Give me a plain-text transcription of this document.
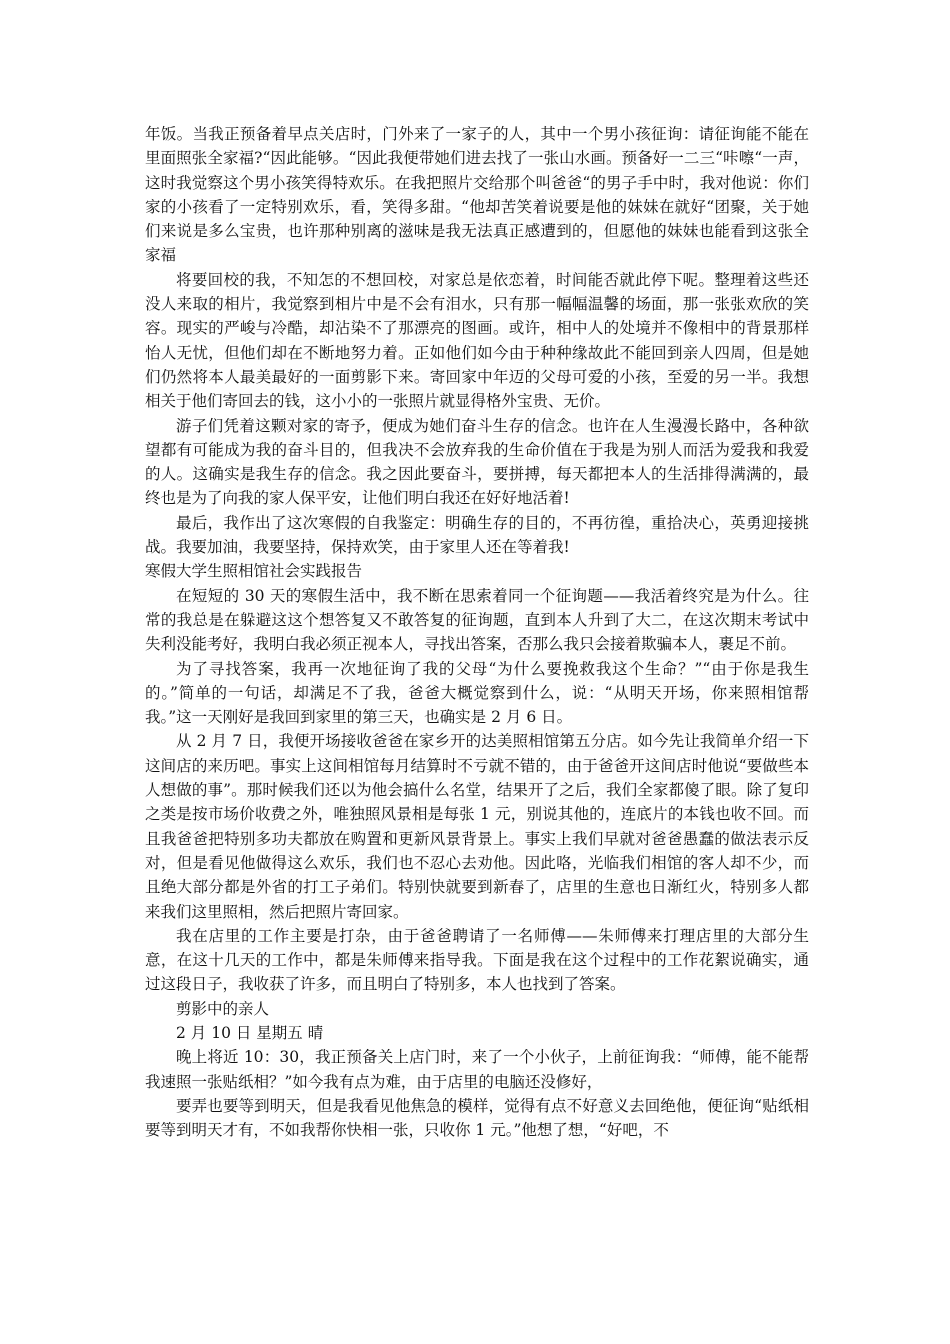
年饭。当我正预备着早点关店时，门外来了一家子的人，其中一个男小孩征询：请征询能不能在里面照张全家福?“因此能够。“因此我便带她们进去找了一张山水画。预备好一二三“咔嚓“一声，这时我觉察这个男小孩笑得特欢乐。在我把照片交给那个叫爸爸“的男子手中时，我对他说：你们家的小孩看了一定特别欢乐，看，笑得多甜。“他却苦笑着说要是他的妹妹在就好“团聚，关于她们来说是多么宝贵，也许那种别离的滋味是我无法真正感遭到的，但愿他的妹妹也能看到这张全家福

将要回校的我，不知怎的不想回校，对家总是依恋着，时间能否就此停下呢。整理着这些还没人来取的相片，我觉察到相片中是不会有泪水，只有那一幅幅温馨的场面，那一张张欢欣的笑容。现实的严峻与冷酷，却沾染不了那漂亮的图画。或许，相中人的处境并不像相中的背景那样怡人无忧，但他们却在不断地努力着。正如他们如今由于种种缘故此不能回到亲人四周，但是她们仍然将本人最美最好的一面剪影下来。寄回家中年迈的父母可爱的小孩，至爱的另一半。我想相关于他们寄回去的钱，这小小的一张照片就显得格外宝贵、无价。

游子们凭着这颗对家的寄予，便成为她们奋斗生存的信念。也许在人生漫漫长路中，各种欲望都有可能成为我的奋斗目的，但我决不会放弃我的生命价值在于我是为别人而活为爱我和我爱的人。这确实是我生存的信念。我之因此要奋斗，要拼搏，每天都把本人的生活排得满满的，最终也是为了向我的家人保平安，让他们明白我还在好好地活着!

最后，我作出了这次寒假的自我鉴定：明确生存的目的，不再彷徨，重拾决心，英勇迎接挑战。我要加油，我要坚持，保持欢笑，由于家里人还在等着我!

寒假大学生照相馆社会实践报告

在短短的 30 天的寒假生活中，我不断在思索着同一个征询题——我活着终究是为什么。往常的我总是在躲避这这个想答复又不敢答复的征询题，直到本人升到了大二，在这次期末考试中失利没能考好，我明白我必须正视本人，寻找出答案，否那么我只会接着欺骗本人，裹足不前。

为了寻找答案，我再一次地征询了我的父母“为什么要挽救我这个生命？”“由于你是我生的。”简单的一句话，却满足不了我，爸爸大概觉察到什么，说：“从明天开场，你来照相馆帮我。”这一天刚好是我回到家里的第三天，也确实是 2 月 6 日。

从 2 月 7 日，我便开场接收爸爸在家乡开的达美照相馆第五分店。如今先让我简单介绍一下这间店的来历吧。事实上这间相馆每月结算时不亏就不错的，由于爸爸开这间店时他说“要做些本人想做的事”。那时候我们还以为他会搞什么名堂，结果开了之后，我们全家都傻了眼。除了复印之类是按市场价收费之外，唯独照风景相是每张 1 元，别说其他的，连底片的本钱也收不回。而且我爸爸把特别多功夫都放在购置和更新风景背景上。事实上我们早就对爸爸愚蠢的做法表示反对，但是看见他做得这么欢乐，我们也不忍心去劝他。因此咯，光临我们相馆的客人却不少，而且绝大部分都是外省的打工子弟们。特别快就要到新春了，店里的生意也日渐红火，特别多人都来我们这里照相，然后把照片寄回家。

我在店里的工作主要是打杂，由于爸爸聘请了一名师傅——朱师傅来打理店里的大部分生意，在这十几天的工作中，都是朱师傅来指导我。下面是我在这个过程中的工作花絮说确实，通过这段日子，我收获了许多，而且明白了特别多，本人也找到了答案。

剪影中的亲人

2 月 10 日 星期五 晴

晚上将近 10：30，我正预备关上店门时，来了一个小伙子，上前征询我：“师傅，能不能帮我速照一张贴纸相？”如今我有点为难，由于店里的电脑还没修好，

要弄也要等到明天，但是我看见他焦急的模样，觉得有点不好意义去回绝他，便征询“贴纸相要等到明天才有，不如我帮你快相一张，只收你 1 元。”他想了想，“好吧，不
